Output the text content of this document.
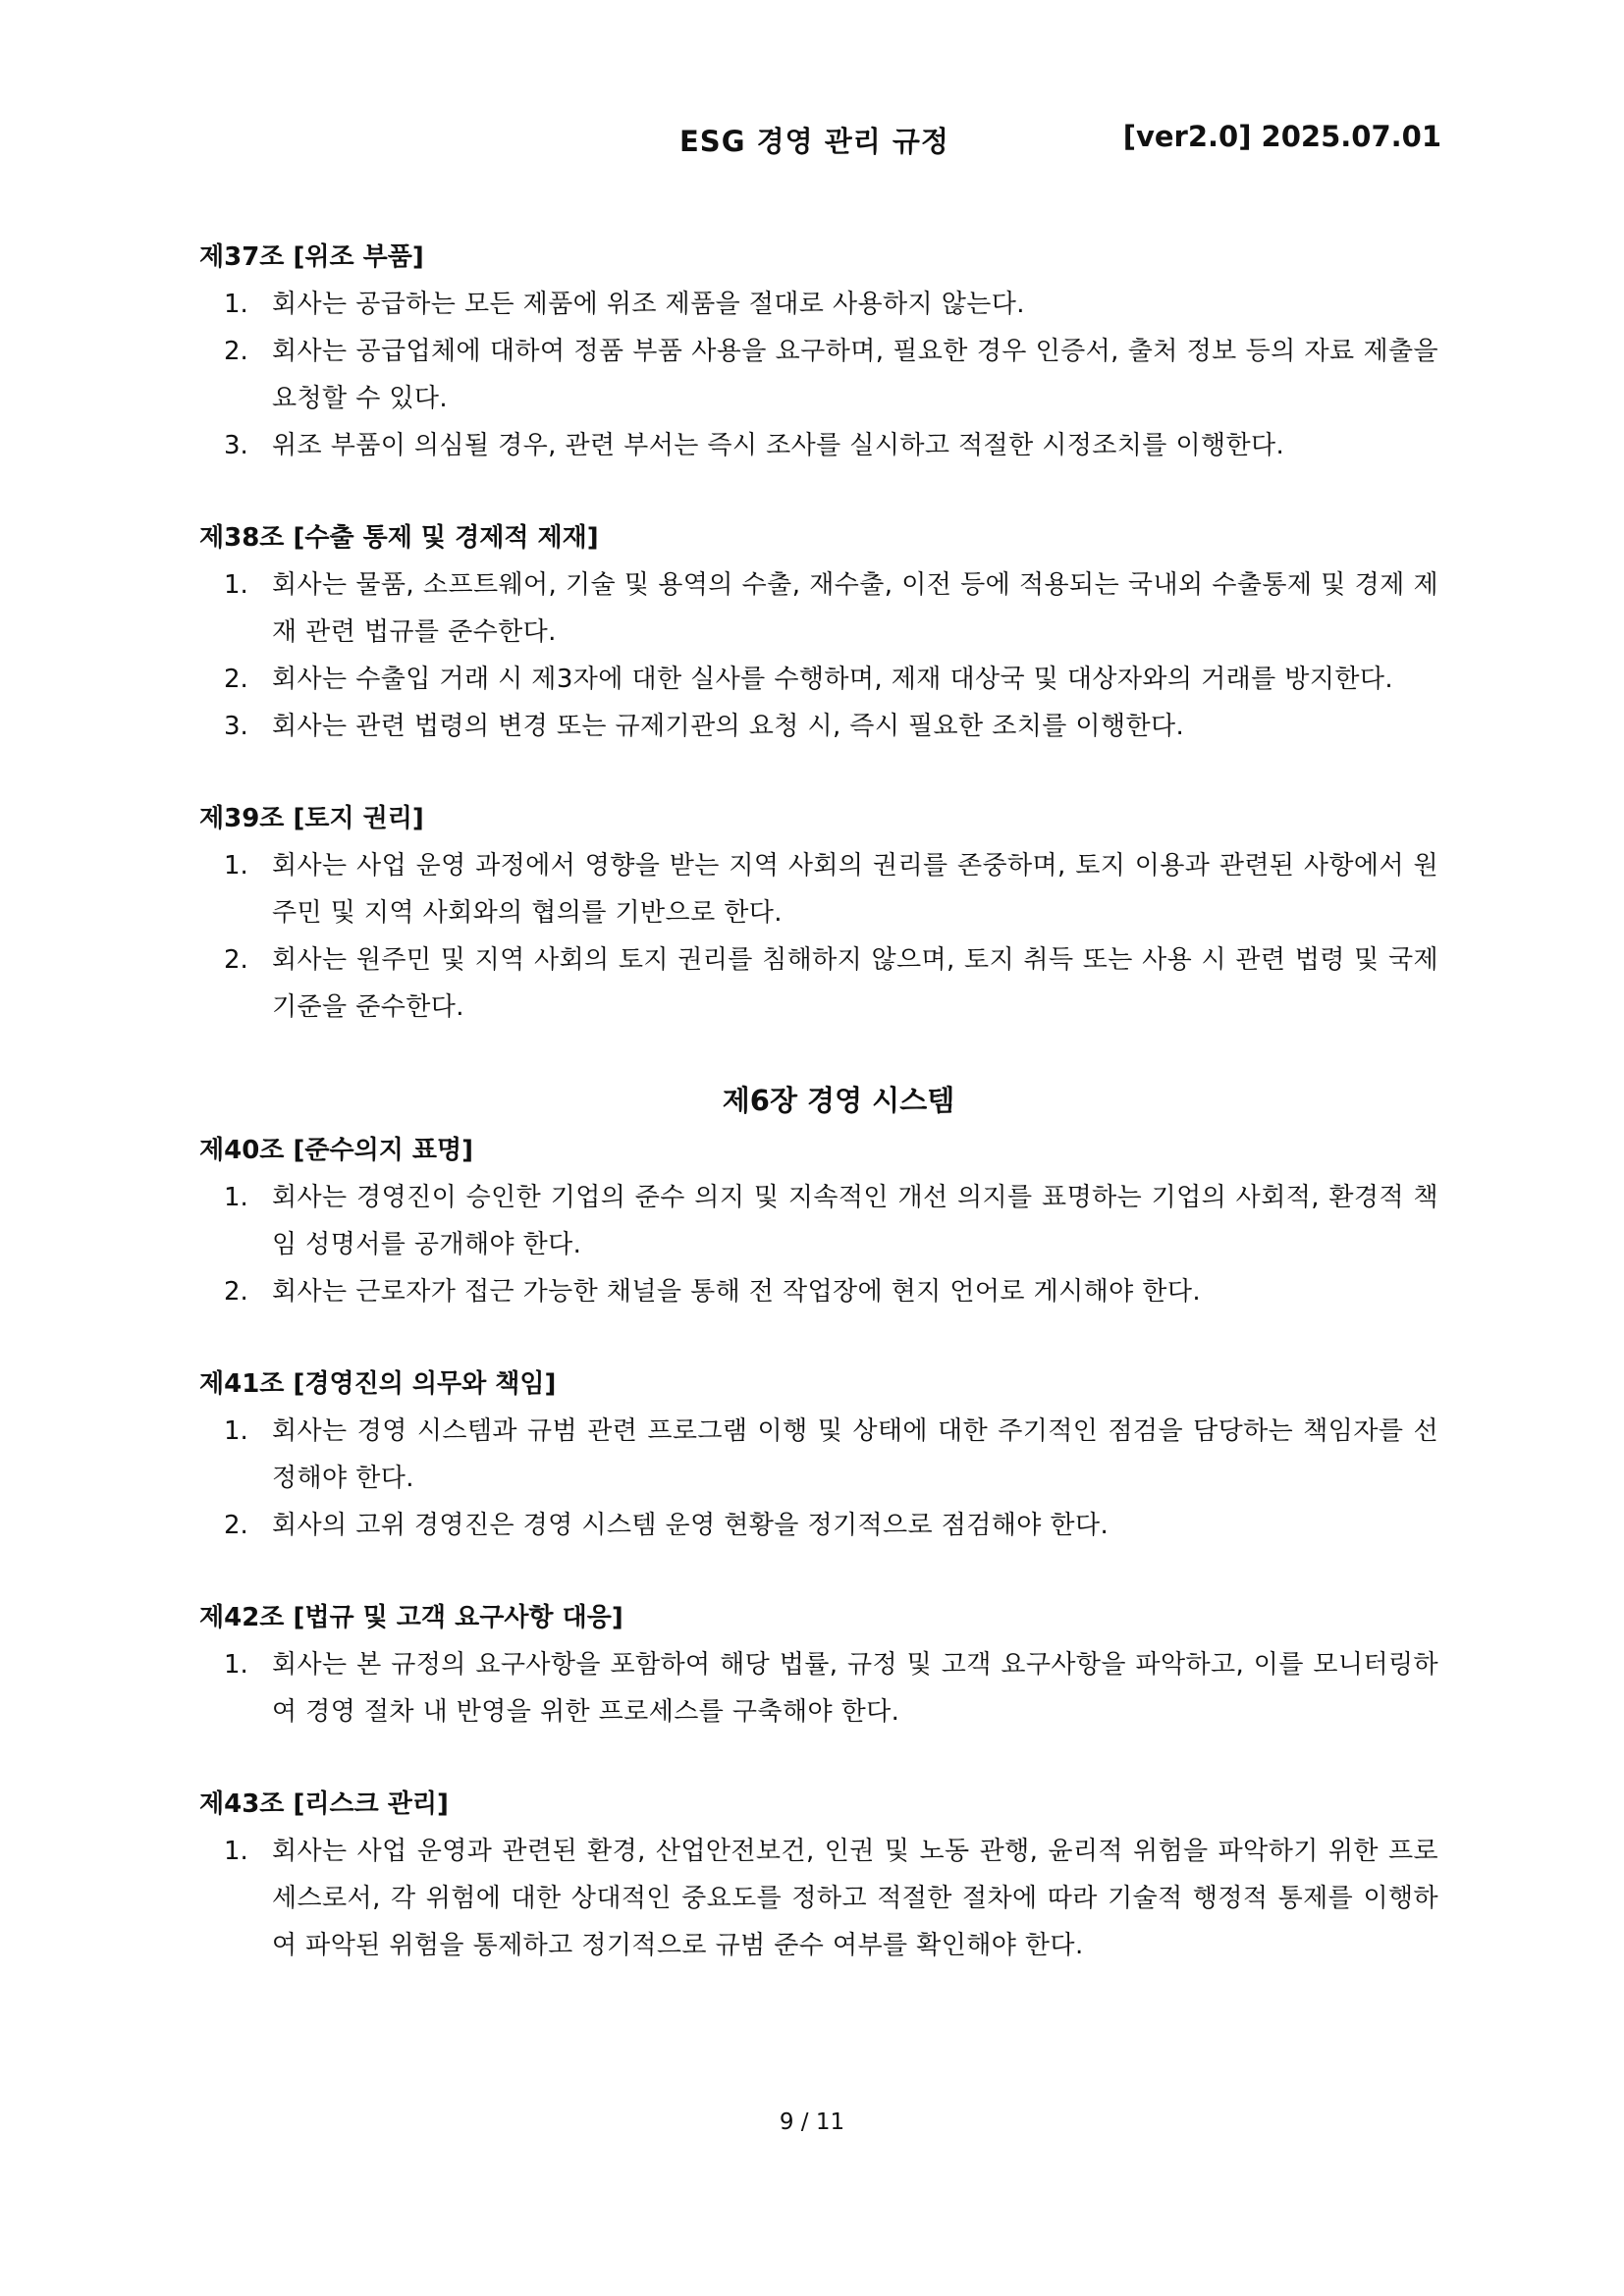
ESG 경영 관리 규정	[ver2.0] 2025.07.01
제37조 [위조 부품]
1. 회사는 공급하는 모든 제품에 위조 제품을 절대로 사용하지 않는다.
2. 회사는 공급업체에 대하여 정품 부품 사용을 요구하며, 필요한 경우 인증서, 출처 정보 등의 자료 제출을 요청할 수 있다.
3. 위조 부품이 의심될 경우, 관련 부서는 즉시 조사를 실시하고 적절한 시정조치를 이행한다.
제38조 [수출 통제 및 경제적 제재]
1. 회사는 물품, 소프트웨어, 기술 및 용역의 수출, 재수출, 이전 등에 적용되는 국내외 수출통제 및 경제 제재 관련 법규를 준수한다.
2. 회사는 수출입 거래 시 제3자에 대한 실사를 수행하며, 제재 대상국 및 대상자와의 거래를 방지한다.
3. 회사는 관련 법령의 변경 또는 규제기관의 요청 시, 즉시 필요한 조치를 이행한다.
제39조 [토지 권리]
1. 회사는 사업 운영 과정에서 영향을 받는 지역 사회의 권리를 존중하며, 토지 이용과 관련된 사항에서 원주민 및 지역 사회와의 협의를 기반으로 한다.
2. 회사는 원주민 및 지역 사회의 토지 권리를 침해하지 않으며, 토지 취득 또는 사용 시 관련 법령 및 국제 기준을 준수한다.
제6장 경영 시스템
제40조 [준수의지 표명]
1. 회사는 경영진이 승인한 기업의 준수 의지 및 지속적인 개선 의지를 표명하는 기업의 사회적, 환경적 책임 성명서를 공개해야 한다.
2. 회사는 근로자가 접근 가능한 채널을 통해 전 작업장에 현지 언어로 게시해야 한다.
제41조 [경영진의 의무와 책임]
1. 회사는 경영 시스템과 규범 관련 프로그램 이행 및 상태에 대한 주기적인 점검을 담당하는 책임자를 선정해야 한다.
2. 회사의 고위 경영진은 경영 시스템 운영 현황을 정기적으로 점검해야 한다.
제42조 [법규 및 고객 요구사항 대응]
1. 회사는 본 규정의 요구사항을 포함하여 해당 법률, 규정 및 고객 요구사항을 파악하고, 이를 모니터링하여 경영 절차 내 반영을 위한 프로세스를 구축해야 한다.
제43조 [리스크 관리]
1. 회사는 사업 운영과 관련된 환경, 산업안전보건, 인권 및 노동 관행, 윤리적 위험을 파악하기 위한 프로세스로서, 각 위험에 대한 상대적인 중요도를 정하고 적절한 절차에 따라 기술적 행정적 통제를 이행하여 파악된 위험을 통제하고 정기적으로 규범 준수 여부를 확인해야 한다.
9 / 11
